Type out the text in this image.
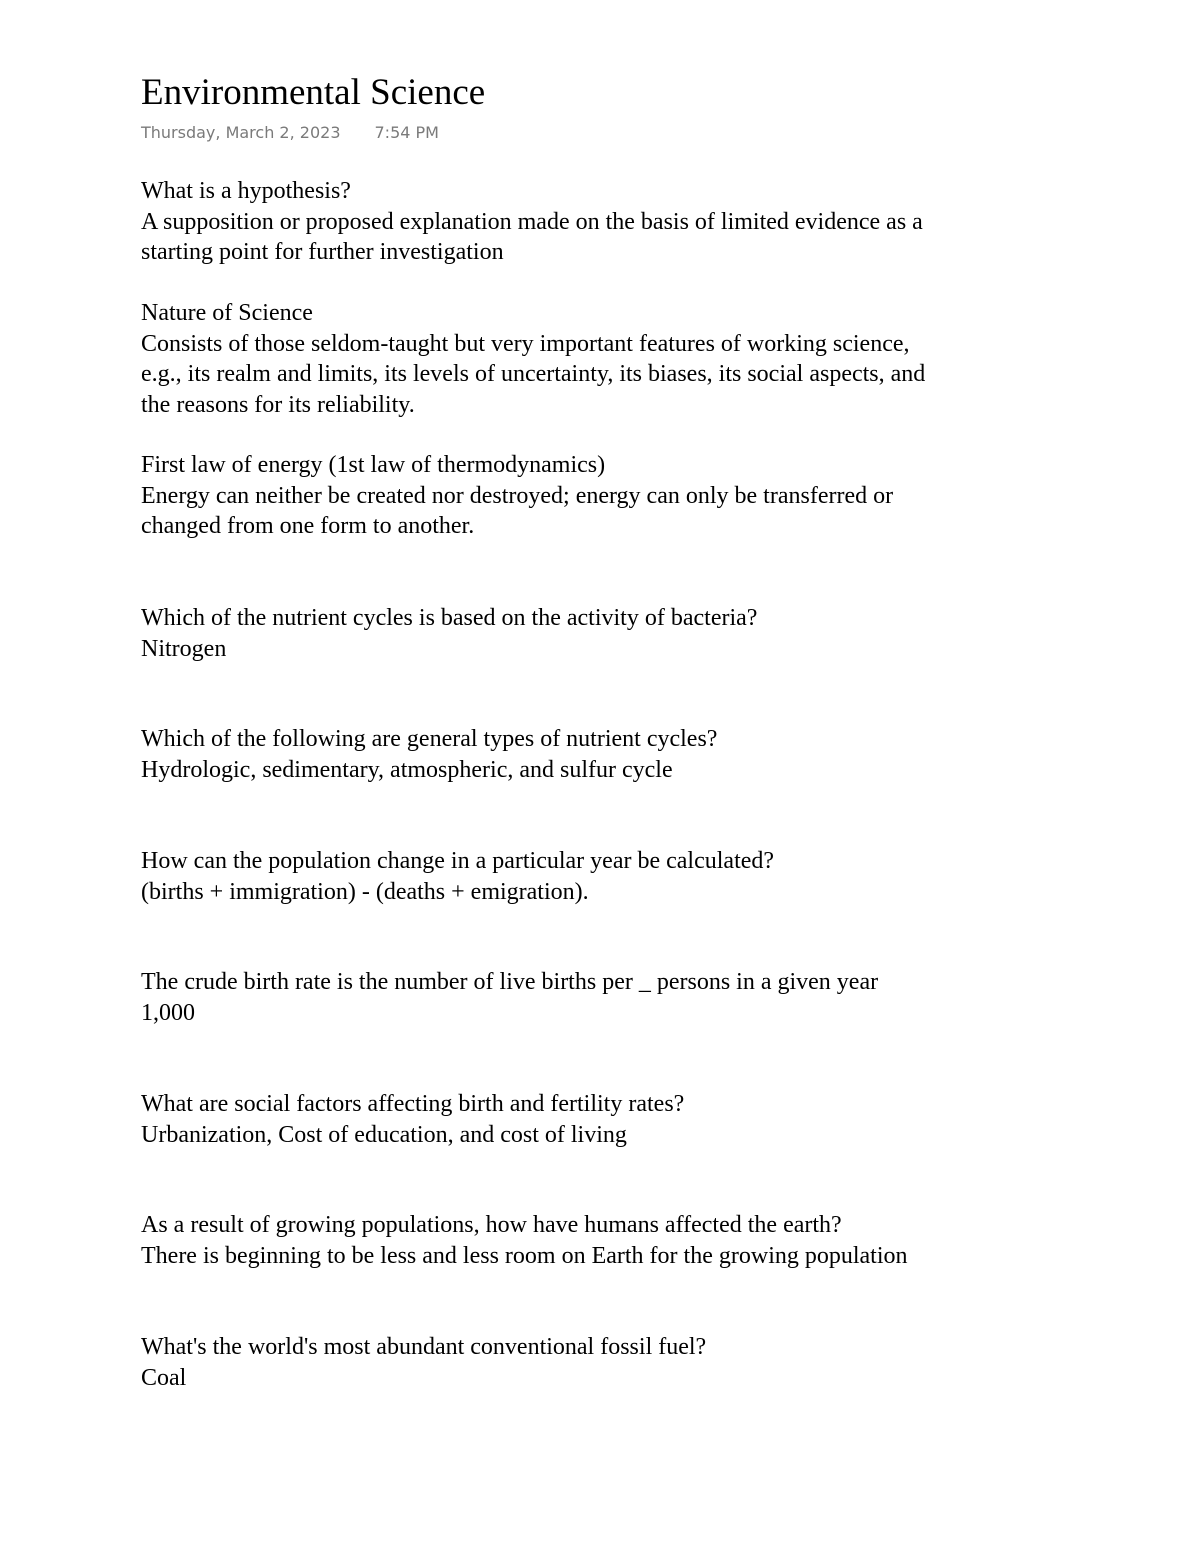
Environmental Science
Thursday, March 2, 2023 7:54 PM

What is a hypothesis?

A supposition or proposed explanation made on the basis of limited evidence as a

starting point for further investigation

Nature of Science

Consists of those seldom-taught but very important features of working science,

e.g., its realm and limits, its levels of uncertainty, its biases, its social aspects, and

the reasons for its reliability.

First law of energy (1st law of thermodynamics)

Energy can neither be created nor destroyed; energy can only be transferred or

changed from one form to another.

Which of the nutrient cycles is based on the activity of bacteria?

Nitrogen

Which of the following are general types of nutrient cycles?

Hydrologic, sedimentary, atmospheric, and sulfur cycle

How can the population change in a particular year be calculated?

(births + immigration) - (deaths + emigration).

The crude birth rate is the number of live births per _ persons in a given year

1,000

What are social factors affecting birth and fertility rates?

Urbanization, Cost of education, and cost of living

As a result of growing populations, how have humans affected the earth?

There is beginning to be less and less room on Earth for the growing population

What's the world's most abundant conventional fossil fuel?

Coal
